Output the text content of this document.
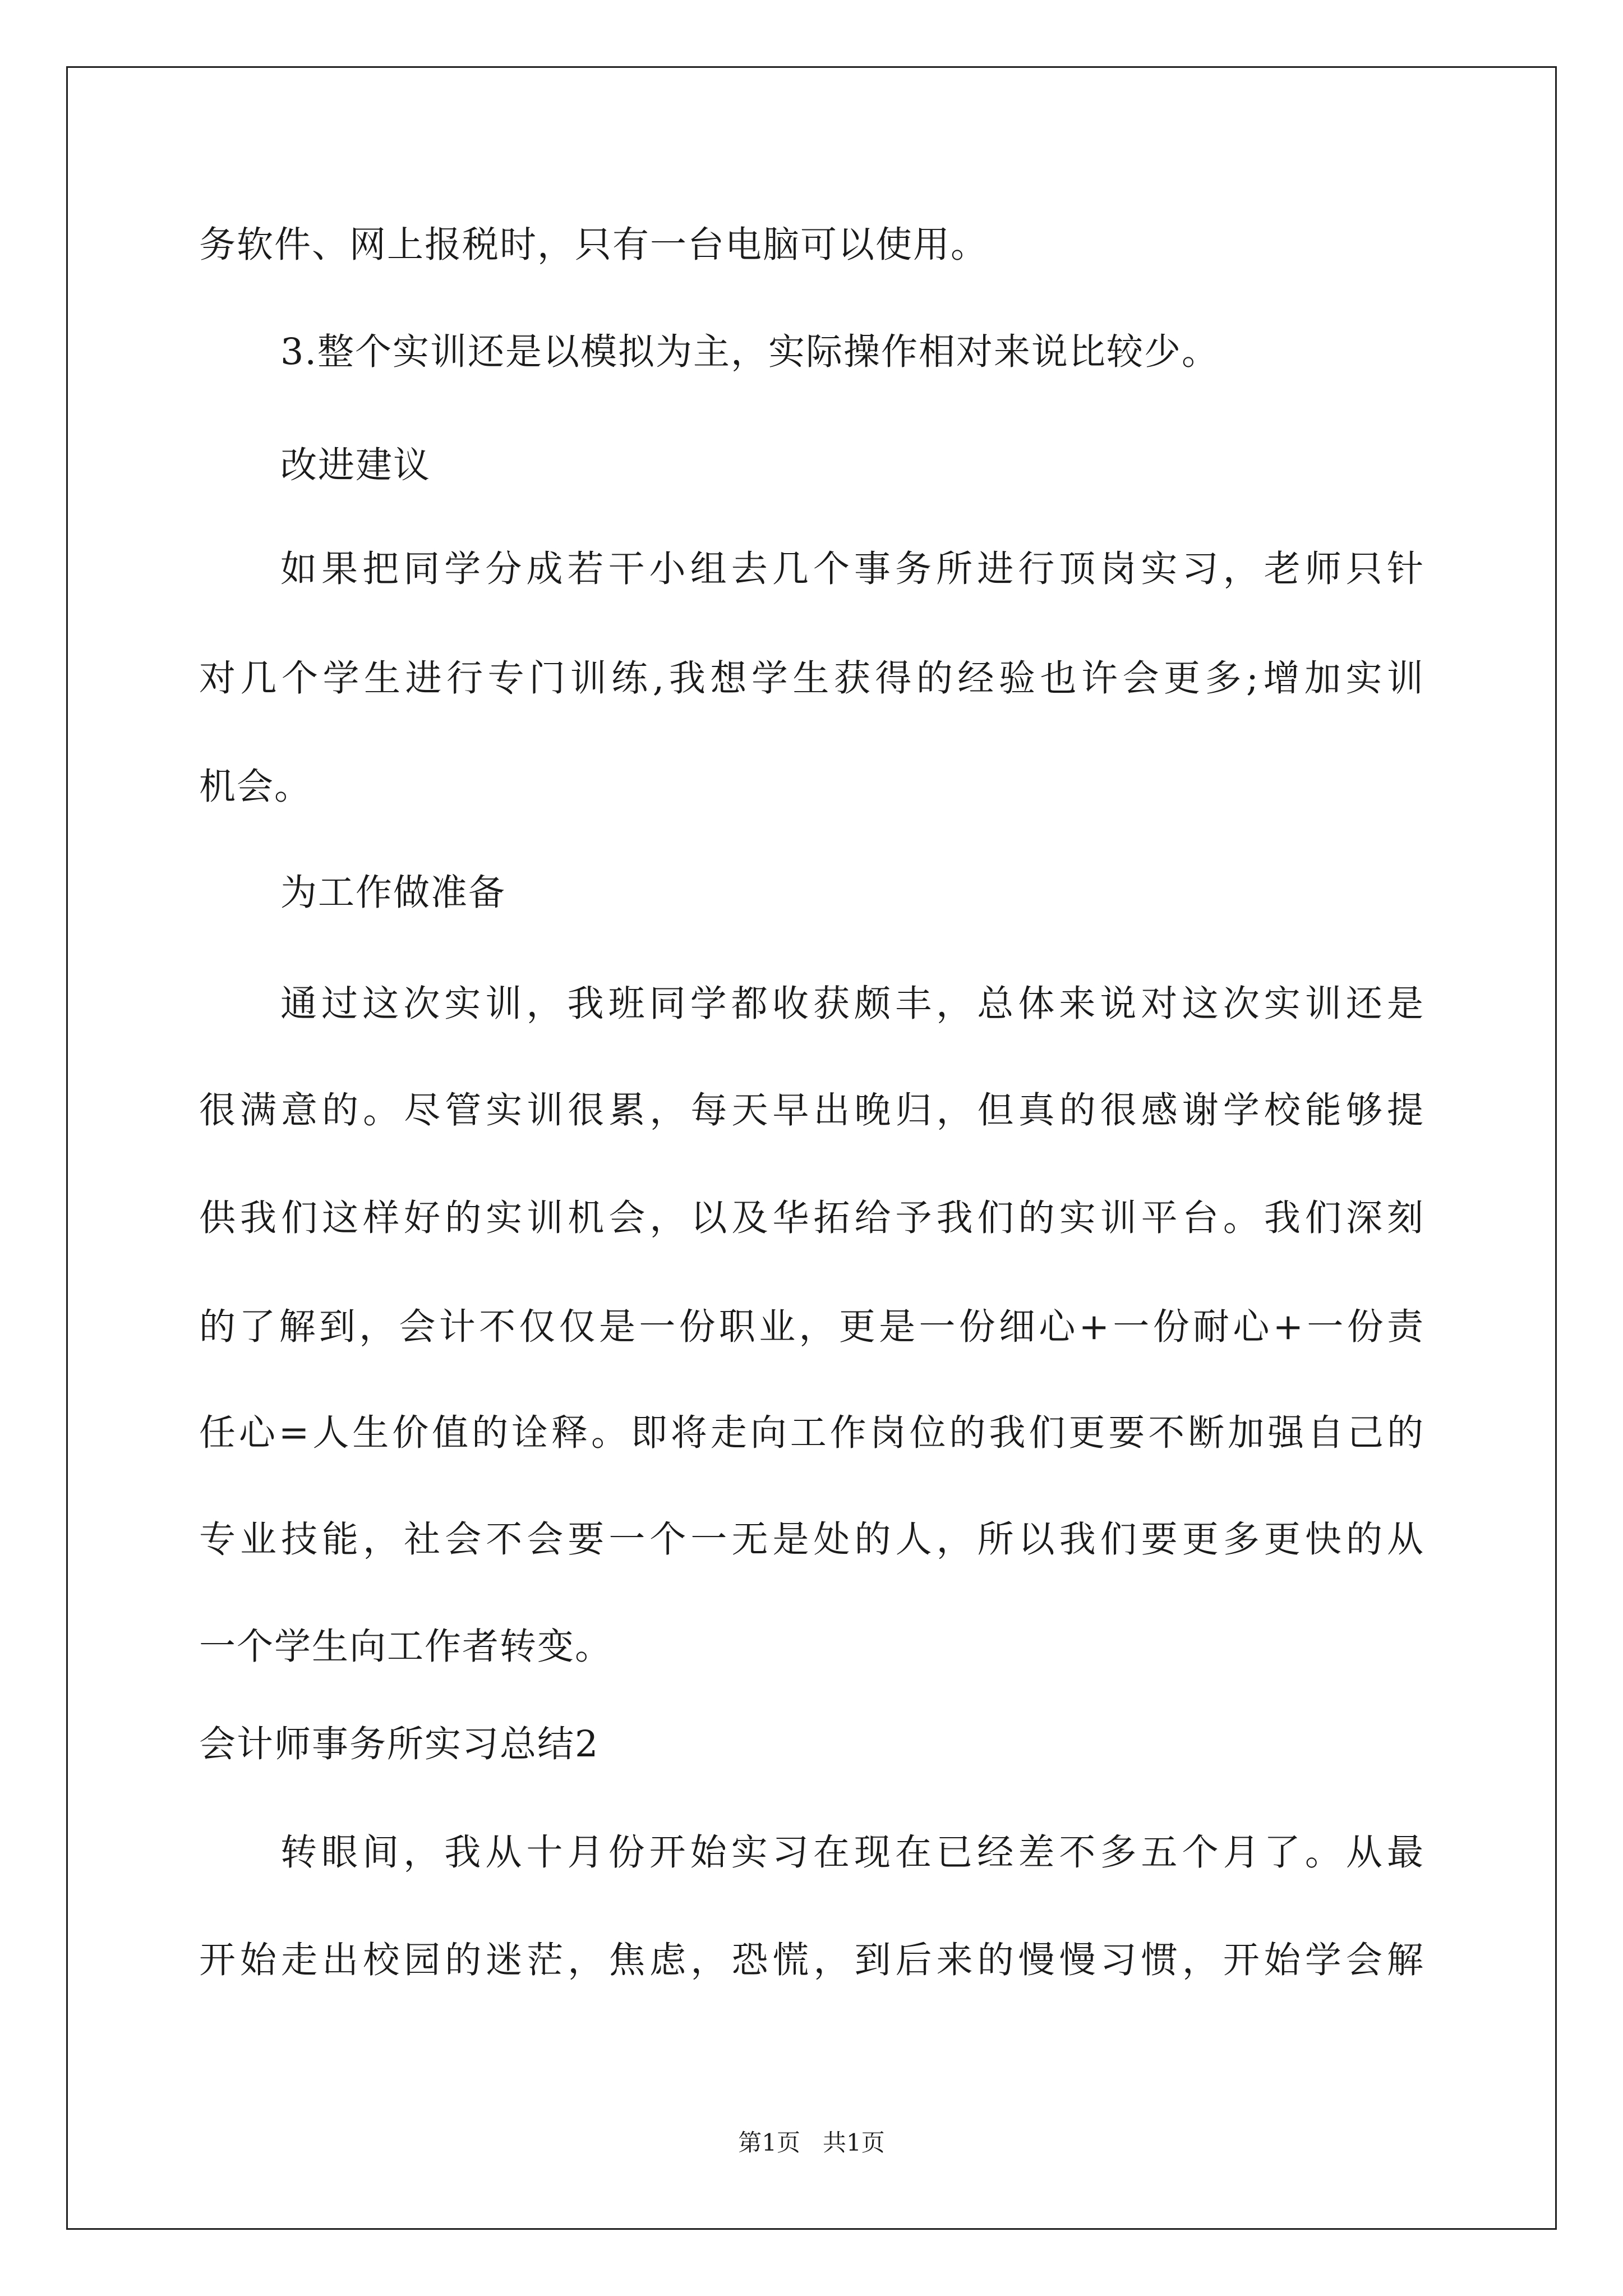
务软件、网上报税时，只有一台电脑可以使用。
3.整个实训还是以模拟为主，实际操作相对来说比较少。
改进建议
如果把同学分成若干小组去几个事务所进行顶岗实习，老师只针
对几个学生进行专门训练,我想学生获得的经验也许会更多;增加实训
机会。
为工作做准备
通过这次实训，我班同学都收获颇丰，总体来说对这次实训还是
很满意的。尽管实训很累，每天早出晚归，但真的很感谢学校能够提
供我们这样好的实训机会，以及华拓给予我们的实训平台。我们深刻
的了解到，会计不仅仅是一份职业，更是一份细心+一份耐心+一份责
任心=人生价值的诠释。即将走向工作岗位的我们更要不断加强自己的
专业技能，社会不会要一个一无是处的人，所以我们要更多更快的从
一个学生向工作者转变。
会计师事务所实习总结2
转眼间，我从十月份开始实习在现在已经差不多五个月了。从最
开始走出校园的迷茫，焦虑，恐慌，到后来的慢慢习惯，开始学会解
第1页   共1页
